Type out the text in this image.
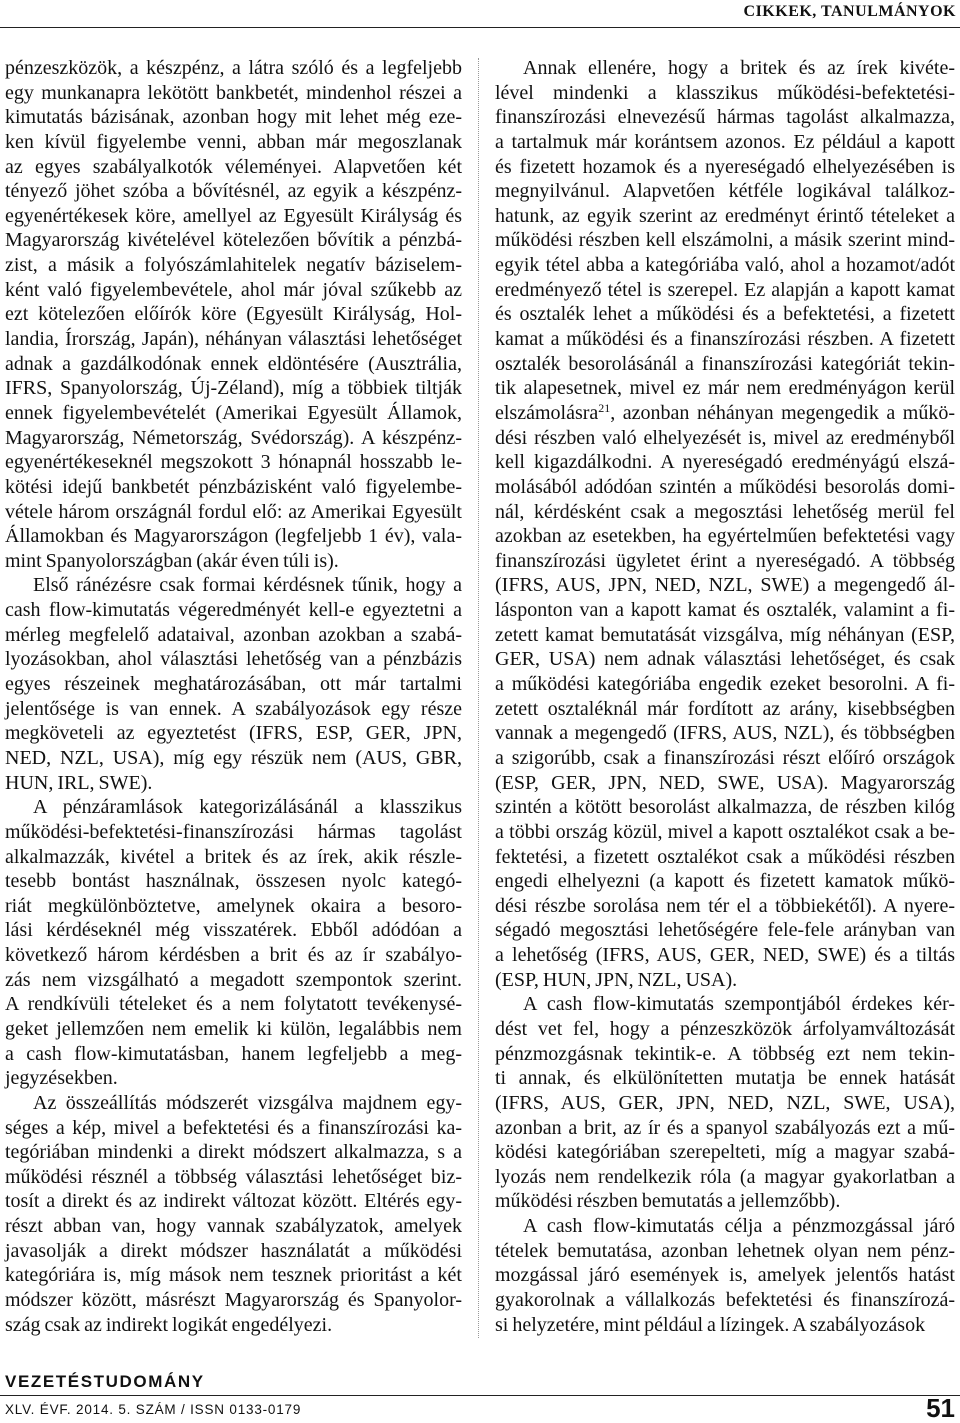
CIKKEK, TANULMÁNYOK
pénzeszközök, a készpénz, a látra szóló és a legfeljebb
egy munkanapra lekötött bankbetét, mindenhol részei a
kimutatás bázisának, azonban hogy mit lehet még eze-
ken kívül figyelembe venni, abban már megoszlanak
az egyes szabályalkotók véleményei. Alapvetően két
tényező jöhet szóba a bővítésnél, az egyik a készpénz-
egyenértékesek köre, amellyel az Egyesült Királyság és
Magyarország kivételével kötelezően bővítik a pénzbá-
zist, a másik a folyószámlahitelek negatív báziselem-
ként való figyelembevétele, ahol már jóval szűkebb az
ezt kötelezően előírók köre (Egyesült Királyság, Hol-
landia, Írország, Japán), néhányan választási lehetőséget
adnak a gazdálkodónak ennek eldöntésére (Ausztrália,
IFRS, Spanyolország, Új-Zéland), míg a többiek tiltják
ennek figyelembevételét (Amerikai Egyesült Államok,
Magyarország, Németország, Svédország). A készpénz-
egyenértékeseknél megszokott 3 hónapnál hosszabb le-
kötési idejű bankbetét pénzbázisként való figyelembe-
vétele három országnál fordul elő: az Amerikai Egyesült
Államokban és Magyarországon (legfeljebb 1 év), vala-
mint Spanyolországban (akár éven túli is).
Első ránézésre csak formai kérdésnek tűnik, hogy a
cash flow-kimutatás végeredményét kell-e egyeztetni a
mérleg megfelelő adataival, azonban azokban a szabá-
lyozásokban, ahol választási lehetőség van a pénzbázis
egyes részeinek meghatározásában, ott már tartalmi
jelentősége is van ennek. A szabályozások egy része
megköveteli az egyeztetést (IFRS, ESP, GER, JPN,
NED, NZL, USA), míg egy részük nem (AUS, GBR,
HUN, IRL, SWE).
A pénzáramlások kategorizálásánál a klasszikus
működési-befektetési-finanszírozási hármas tagolást
alkalmazzák, kivétel a britek és az írek, akik részle-
tesebb bontást használnak, összesen nyolc kategó-
riát megkülönböztetve, amelynek okaira a besoro-
lási kérdéseknél még visszatérek. Ebből adódóan a
következő három kérdésben a brit és az ír szabályo-
zás nem vizsgálható a megadott szempontok szerint.
A rendkívüli tételeket és a nem folytatott tevékenysé-
geket jellemzően nem emelik ki külön, legalábbis nem
a cash flow-kimutatásban, hanem legfeljebb a meg-
jegyzésekben.
Az összeállítás módszerét vizsgálva majdnem egy-
séges a kép, mivel a befektetési és a finanszírozási ka-
tegóriában mindenki a direkt módszert alkalmazza, s a
működési résznél a többség választási lehetőséget biz-
tosít a direkt és az indirekt változat között. Eltérés egy-
részt abban van, hogy vannak szabályzatok, amelyek
javasolják a direkt módszer használatát a működési
kategóriára is, míg mások nem tesznek prioritást a két
módszer között, másrészt Magyarország és Spanyolor-
szág csak az indirekt logikát engedélyezi.
Annak ellenére, hogy a britek és az írek kivéte-
lével mindenki a klasszikus működési-befektetési-
finanszírozási elnevezésű hármas tagolást alkalmazza,
a tartalmuk már korántsem azonos. Ez például a kapott
és fizetett hozamok és a nyereségadó elhelyezésében is
megnyilvánul. Alapvetően kétféle logikával találkoz-
hatunk, az egyik szerint az eredményt érintő tételeket a
működési részben kell elszámolni, a másik szerint mind-
egyik tétel abba a kategóriába való, ahol a hozamot/adót
eredményező tétel is szerepel. Ez alapján a kapott kamat
és osztalék lehet a működési és a befektetési, a fizetett
kamat a működési és a finanszírozási részben. A fizetett
osztalék besorolásánál a finanszírozási kategóriát tekin-
tik alapesetnek, mivel ez már nem eredményágon kerül
elszámolásra$^{21}$, azonban néhányan megengedik a műkö-
dési részben való elhelyezését is, mivel az eredményből
kell kigazdálkodni. A nyereségadó eredményágú elszá-
molásából adódóan szintén a működési besorolás domi-
nál, kérdésként csak a megosztási lehetőség merül fel
azokban az esetekben, ha egyértelműen befektetési vagy
finanszírozási ügyletet érint a nyereségadó. A többség
(IFRS, AUS, JPN, NED, NZL, SWE) a megengedő ál-
lásponton van a kapott kamat és osztalék, valamint a fi-
zetett kamat bemutatását vizsgálva, míg néhányan (ESP,
GER, USA) nem adnak választási lehetőséget, és csak
a működési kategóriába engedik ezeket besorolni. A fi-
zetett osztaléknál már fordított az arány, kisebbségben
vannak a megengedő (IFRS, AUS, NZL), és többségben
a szigorúbb, csak a finanszírozási részt előíró országok
(ESP, GER, JPN, NED, SWE, USA). Magyarország
szintén a kötött besorolást alkalmazza, de részben kilóg
a többi ország közül, mivel a kapott osztalékot csak a be-
fektetési, a fizetett osztalékot csak a működési részben
engedi elhelyezni (a kapott és fizetett kamatok műkö-
dési részbe sorolása nem tér el a többiekétől). A nyere-
ségadó megosztási lehetőségére fele-fele arányban van
a lehetőség (IFRS, AUS, GER, NED, SWE) és a tiltás
(ESP, HUN, JPN, NZL, USA).
A cash flow-kimutatás szempontjából érdekes kér-
dést vet fel, hogy a pénzeszközök árfolyamváltozását
pénzmozgásnak tekintik-e. A többség ezt nem tekin-
ti annak, és elkülönítetten mutatja be ennek hatását
(IFRS, AUS, GER, JPN, NED, NZL, SWE, USA),
azonban a brit, az ír és a spanyol szabályozás ezt a mű-
ködési kategóriában szerepelteti, míg a magyar szabá-
lyozás nem rendelkezik róla (a magyar gyakorlatban a
működési részben bemutatás a jellemzőbb).
A cash flow-kimutatás célja a pénzmozgással járó
tételek bemutatása, azonban lehetnek olyan nem pénz-
mozgással járó események is, amelyek jelentős hatást
gyakorolnak a vállalkozás befektetési és finanszírozá-
si helyzetére, mint például a lízingek. A szabályozások
VEZETÉSTUDOMÁNY
XLV. ÉVF. 2014. 5. SZÁM / ISSN 0133-0179	51
